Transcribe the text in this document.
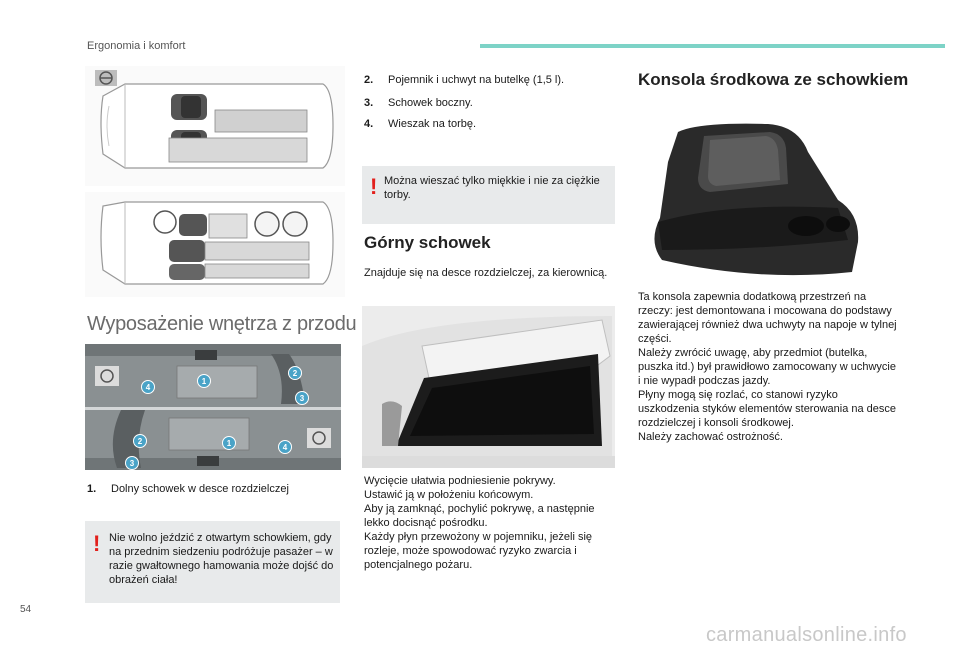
Ergonomia i komfort
Wyposażenie wnętrza z przodu
1
2
3
4
1
2
3
4
1. Dolny schowek w desce rozdzielczej
! Nie wolno jeździć z otwartym schowkiem, gdy na przednim siedzeniu podróżuje pasażer – w razie gwałtownego hamowania może dojść do obrażeń ciała!
2. Pojemnik i uchwyt na butelkę (1,5 l).
3. Schowek boczny.
4. Wieszak na torbę.
! Można wieszać tylko miękkie i nie za ciężkie torby.
Górny schowek
Znajduje się na desce rozdzielczej, za kierownicą.
Wycięcie ułatwia podniesienie pokrywy.
Ustawić ją w położeniu końcowym.
Aby ją zamknąć, pochylić pokrywę, a następnie lekko docisnąć pośrodku.
Każdy płyn przewożony w pojemniku, jeżeli się rozleje, może spowodować ryzyko zwarcia i potencjalnego pożaru.
Konsola środkowa ze schowkiem
Ta konsola zapewnia dodatkową przestrzeń na rzeczy: jest demontowana i mocowana do podstawy zawierającej również dwa uchwyty na napoje w tylnej części.
Należy zwrócić uwagę, aby przedmiot (butelka, puszka itd.) był prawidłowo zamocowany w uchwycie i nie wypadł podczas jazdy.
Płyny mogą się rozlać, co stanowi ryzyko uszkodzenia styków elementów sterowania na desce rozdzielczej i konsoli środkowej.
Należy zachować ostrożność.
54
carmanualsonline.info
